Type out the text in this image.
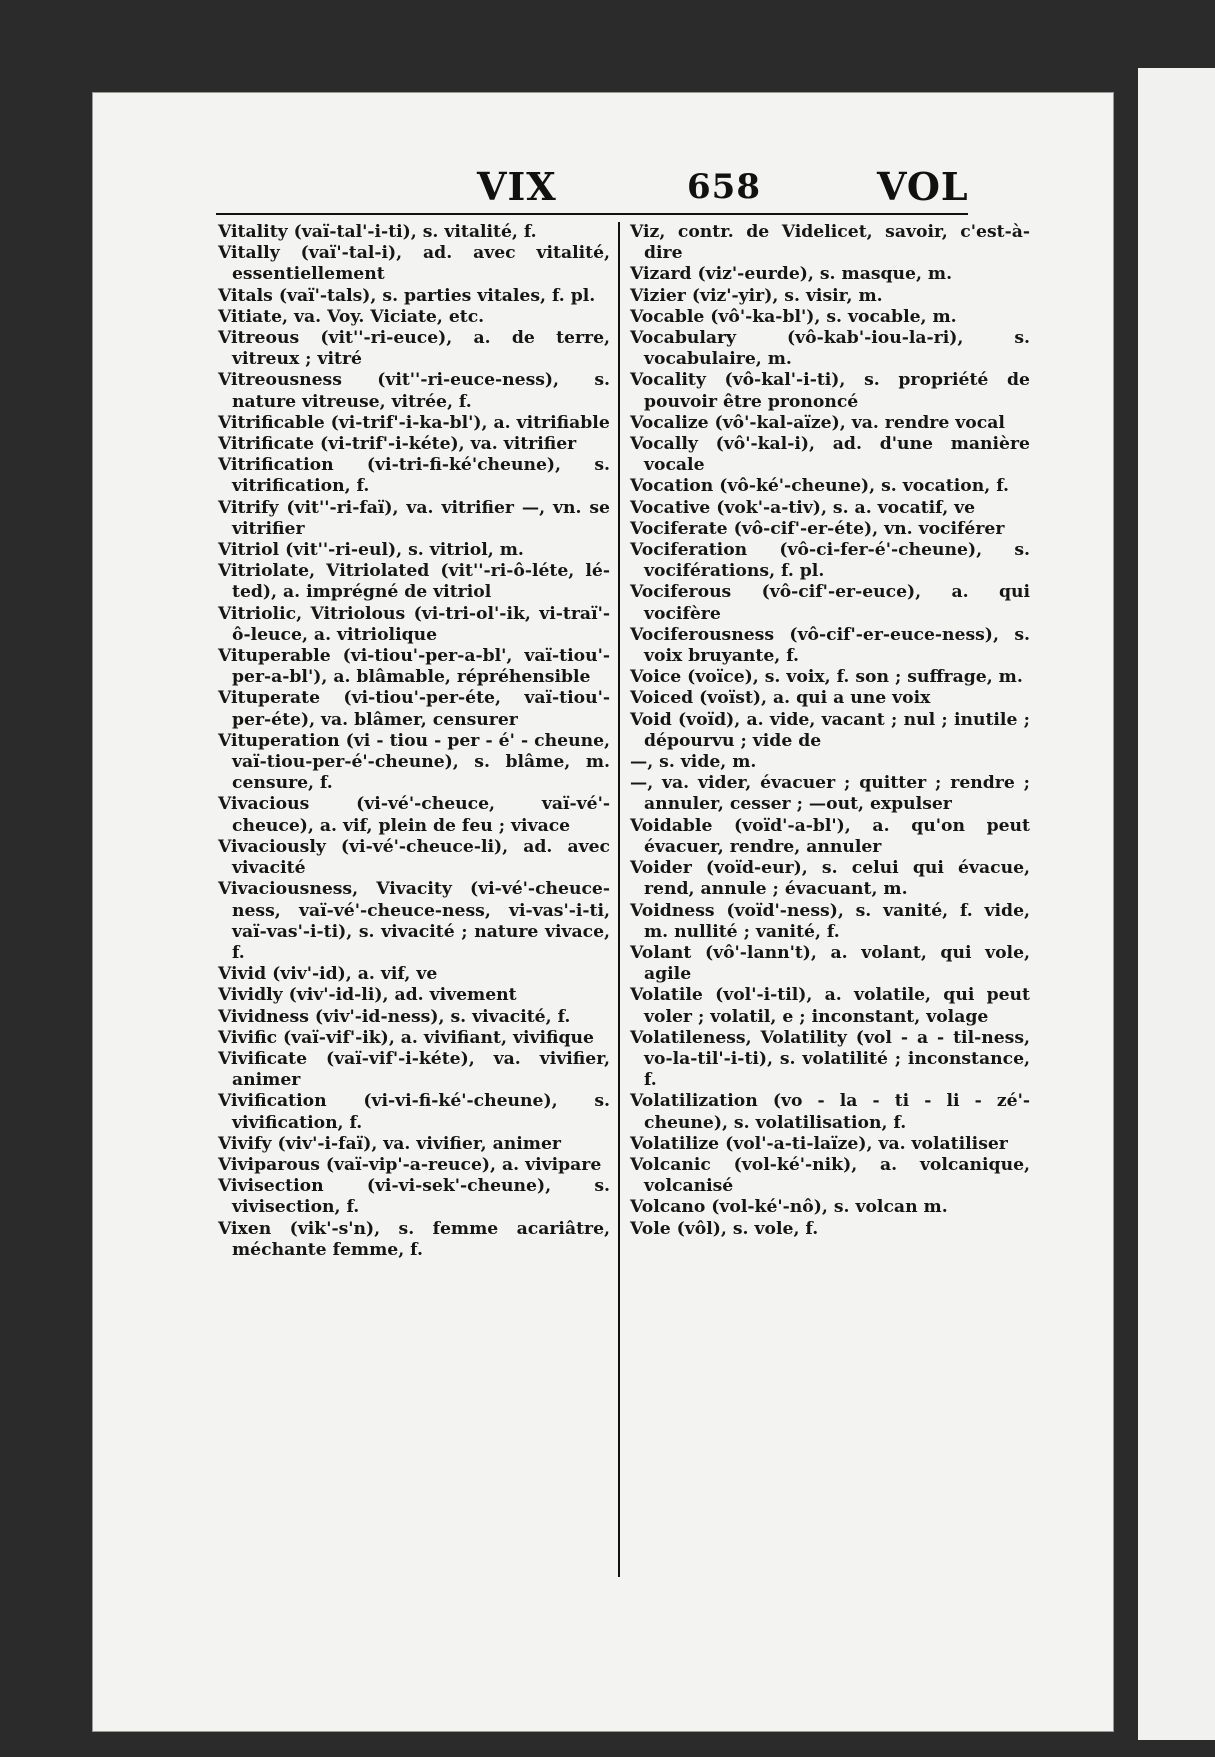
VIX	658	VOL

Vitality (vaï-tal'-i-ti), s. vitalité, f.

Vitally (vaï'-tal-i), ad. avec vitalité, essentiellement

Vitals (vaï'-tals), s. parties vitales, f. pl.

Vitiate, va. Voy. Viciate, etc.

Vitreous (vit''-ri-euce), a. de terre, vitreux ; vitré

Vitreousness (vit''-ri-euce-ness), s. nature vitreuse, vitrée, f.

Vitrificable (vi-trif'-i-ka-bl'), a. vitrifiable

Vitrificate (vi-trif'-i-kéte), va. vitrifier

Vitrification (vi-tri-fi-ké'cheune), s. vitrification, f.

Vitrify (vit''-ri-faï), va. vitrifier —, vn. se vitrifier

Vitriol (vit''-ri-eul), s. vitriol, m.

Vitriolate, Vitriolated (vit''-ri-ô-léte, lé-ted), a. imprégné de vitriol

Vitriolic, Vitriolous (vi-tri-ol'-ik, vi-traï'-ô-leuce, a. vitriolique

Vituperable (vi-tiou'-per-a-bl', vaï-tiou'-per-a-bl'), a. blâmable, répréhensible

Vituperate (vi-tiou'-per-éte, vaï-tiou'-per-éte), va. blâmer, censurer

Vituperation (vi - tiou - per - é' - cheune, vaï-tiou-per-é'-cheune), s. blâme, m. censure, f.

Vivacious (vi-vé'-cheuce, vaï-vé'-cheuce), a. vif, plein de feu ; vivace

Vivaciously (vi-vé'-cheuce-li), ad. avec vivacité

Vivaciousness, Vivacity (vi-vé'-cheuce-ness, vaï-vé'-cheuce-ness, vi-vas'-i-ti, vaï-vas'-i-ti), s. vivacité ; nature vivace, f.

Vivid (viv'-id), a. vif, ve

Vividly (viv'-id-li), ad. vivement

Vividness (viv'-id-ness), s. vivacité, f.

Vivific (vaï-vif'-ik), a. vivifiant, vivifique

Vivificate (vaï-vif'-i-kéte), va. vivifier, animer

Vivification (vi-vi-fi-ké'-cheune), s. vivification, f.

Vivify (viv'-i-faï), va. vivifier, animer

Viviparous (vaï-vip'-a-reuce), a. vivipare

Vivisection (vi-vi-sek'-cheune), s. vivisection, f.

Vixen (vik'-s'n), s. femme acariâtre, méchante femme, f.

Viz, contr. de Videlicet, savoir, c'est-à-dire

Vizard (viz'-eurde), s. masque, m.

Vizier (viz'-yir), s. visir, m.

Vocable (vô'-ka-bl'), s. vocable, m.

Vocabulary (vô-kab'-iou-la-ri), s. vocabulaire, m.

Vocality (vô-kal'-i-ti), s. propriété de pouvoir être prononcé

Vocalize (vô'-kal-aïze), va. rendre vocal

Vocally (vô'-kal-i), ad. d'une manière vocale

Vocation (vô-ké'-cheune), s. vocation, f.

Vocative (vok'-a-tiv), s. a. vocatif, ve

Vociferate (vô-cif'-er-éte), vn. vociférer

Vociferation (vô-ci-fer-é'-cheune), s. vociférations, f. pl.

Vociferous (vô-cif'-er-euce), a. qui vocifère

Vociferousness (vô-cif'-er-euce-ness), s. voix bruyante, f.

Voice (voïce), s. voix, f. son ; suffrage, m.

Voiced (voïst), a. qui a une voix

Void (voïd), a. vide, vacant ; nul ; inutile ; dépourvu ; vide de

—, s. vide, m.

—, va. vider, évacuer ; quitter ; rendre ; annuler, cesser ; —out, expulser

Voidable (voïd'-a-bl'), a. qu'on peut évacuer, rendre, annuler

Voider (voïd-eur), s. celui qui évacue, rend, annule ; évacuant, m.

Voidness (voïd'-ness), s. vanité, f. vide, m. nullité ; vanité, f.

Volant (vô'-lann't), a. volant, qui vole, agile

Volatile (vol'-i-til), a. volatile, qui peut voler ; volatil, e ; inconstant, volage

Volatileness, Volatility (vol - a - til-ness, vo-la-til'-i-ti), s. volatilité ; inconstance, f.

Volatilization (vo - la - ti - li - zé'-cheune), s. volatilisation, f.

Volatilize (vol'-a-ti-laïze), va. volatiliser

Volcanic (vol-ké'-nik), a. volcanique, volcanisé

Volcano (vol-ké'-nô), s. volcan m.

Vole (vôl), s. vole, f.
